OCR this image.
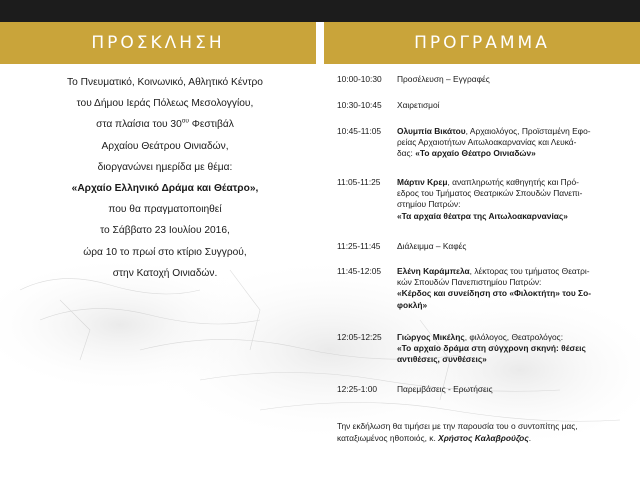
ΠΡΟΣΚΛΗΣΗ	ΠΡΟΓΡΑΜΜΑ
Το Πνευματικό, Κοινωνικό, Αθλητικό Κέντρο
του Δήμου Ιεράς Πόλεως Μεσολογγίου,
στα πλαίσια του $30^{o\upsilon}$ Φεστιβάλ
Αρχαίου Θεάτρου Οινιαδών,
διοργανώνει ημερίδα με θέμα:
«Αρχαίο Ελληνικό Δράμα και Θέατρο»,
που θα πραγματοποιηθεί
το Σάββατο 23 Ιουλίου 2016,
ώρα 10 το πρωί στο κτίριο Συγγρού,
στην Κατοχή Οινιαδών.
10:00-10:30	Προσέλευση – Εγγραφές
10:30-10:45	Χαιρετισμοί
10:45-11:05	Ολυμπία Βικάτου, Αρχαιολόγος, Προϊσταμένη Εφο-
ρείας Αρχαιοτήτων Αιτωλοακαρνανίας και Λευκά-
δας: «Το αρχαίο Θέατρο Οινιαδών»
11:05-11:25	Μάρτιν Κρεμ, αναπληρωτής καθηγητής και Πρό-
εδρος του Τμήματος Θεατρικών Σπουδών Πανεπι-
στημίου Πατρών:
«Τα αρχαία θέατρα της Αιτωλοακαρνανίας»
11:25-11:45	Διάλειμμα – Καφές
11:45-12:05	Ελένη Καράμπελα, λέκτορας του τμήματος Θεατρι-
κών Σπουδών Πανεπιστημίου Πατρών:
«Κέρδος και συνείδηση στο «Φιλοκτήτη» του Σο-
φοκλή»
12:05-12:25	Γιώργος Μικέλης, φιλόλογος, Θεατρολόγος:
«Το αρχαίο δράμα στη σύγχρονη σκηνή: θέσεις
αντιθέσεις, συνθέσεις»
12:25-1:00	Παρεμβάσεις - Ερωτήσεις
Την εκδήλωση θα τιμήσει με την παρουσία του ο συντοπίτης μας,
καταξιωμένος ηθοποιός, κ. Χρήστος Καλαβρούζος.
